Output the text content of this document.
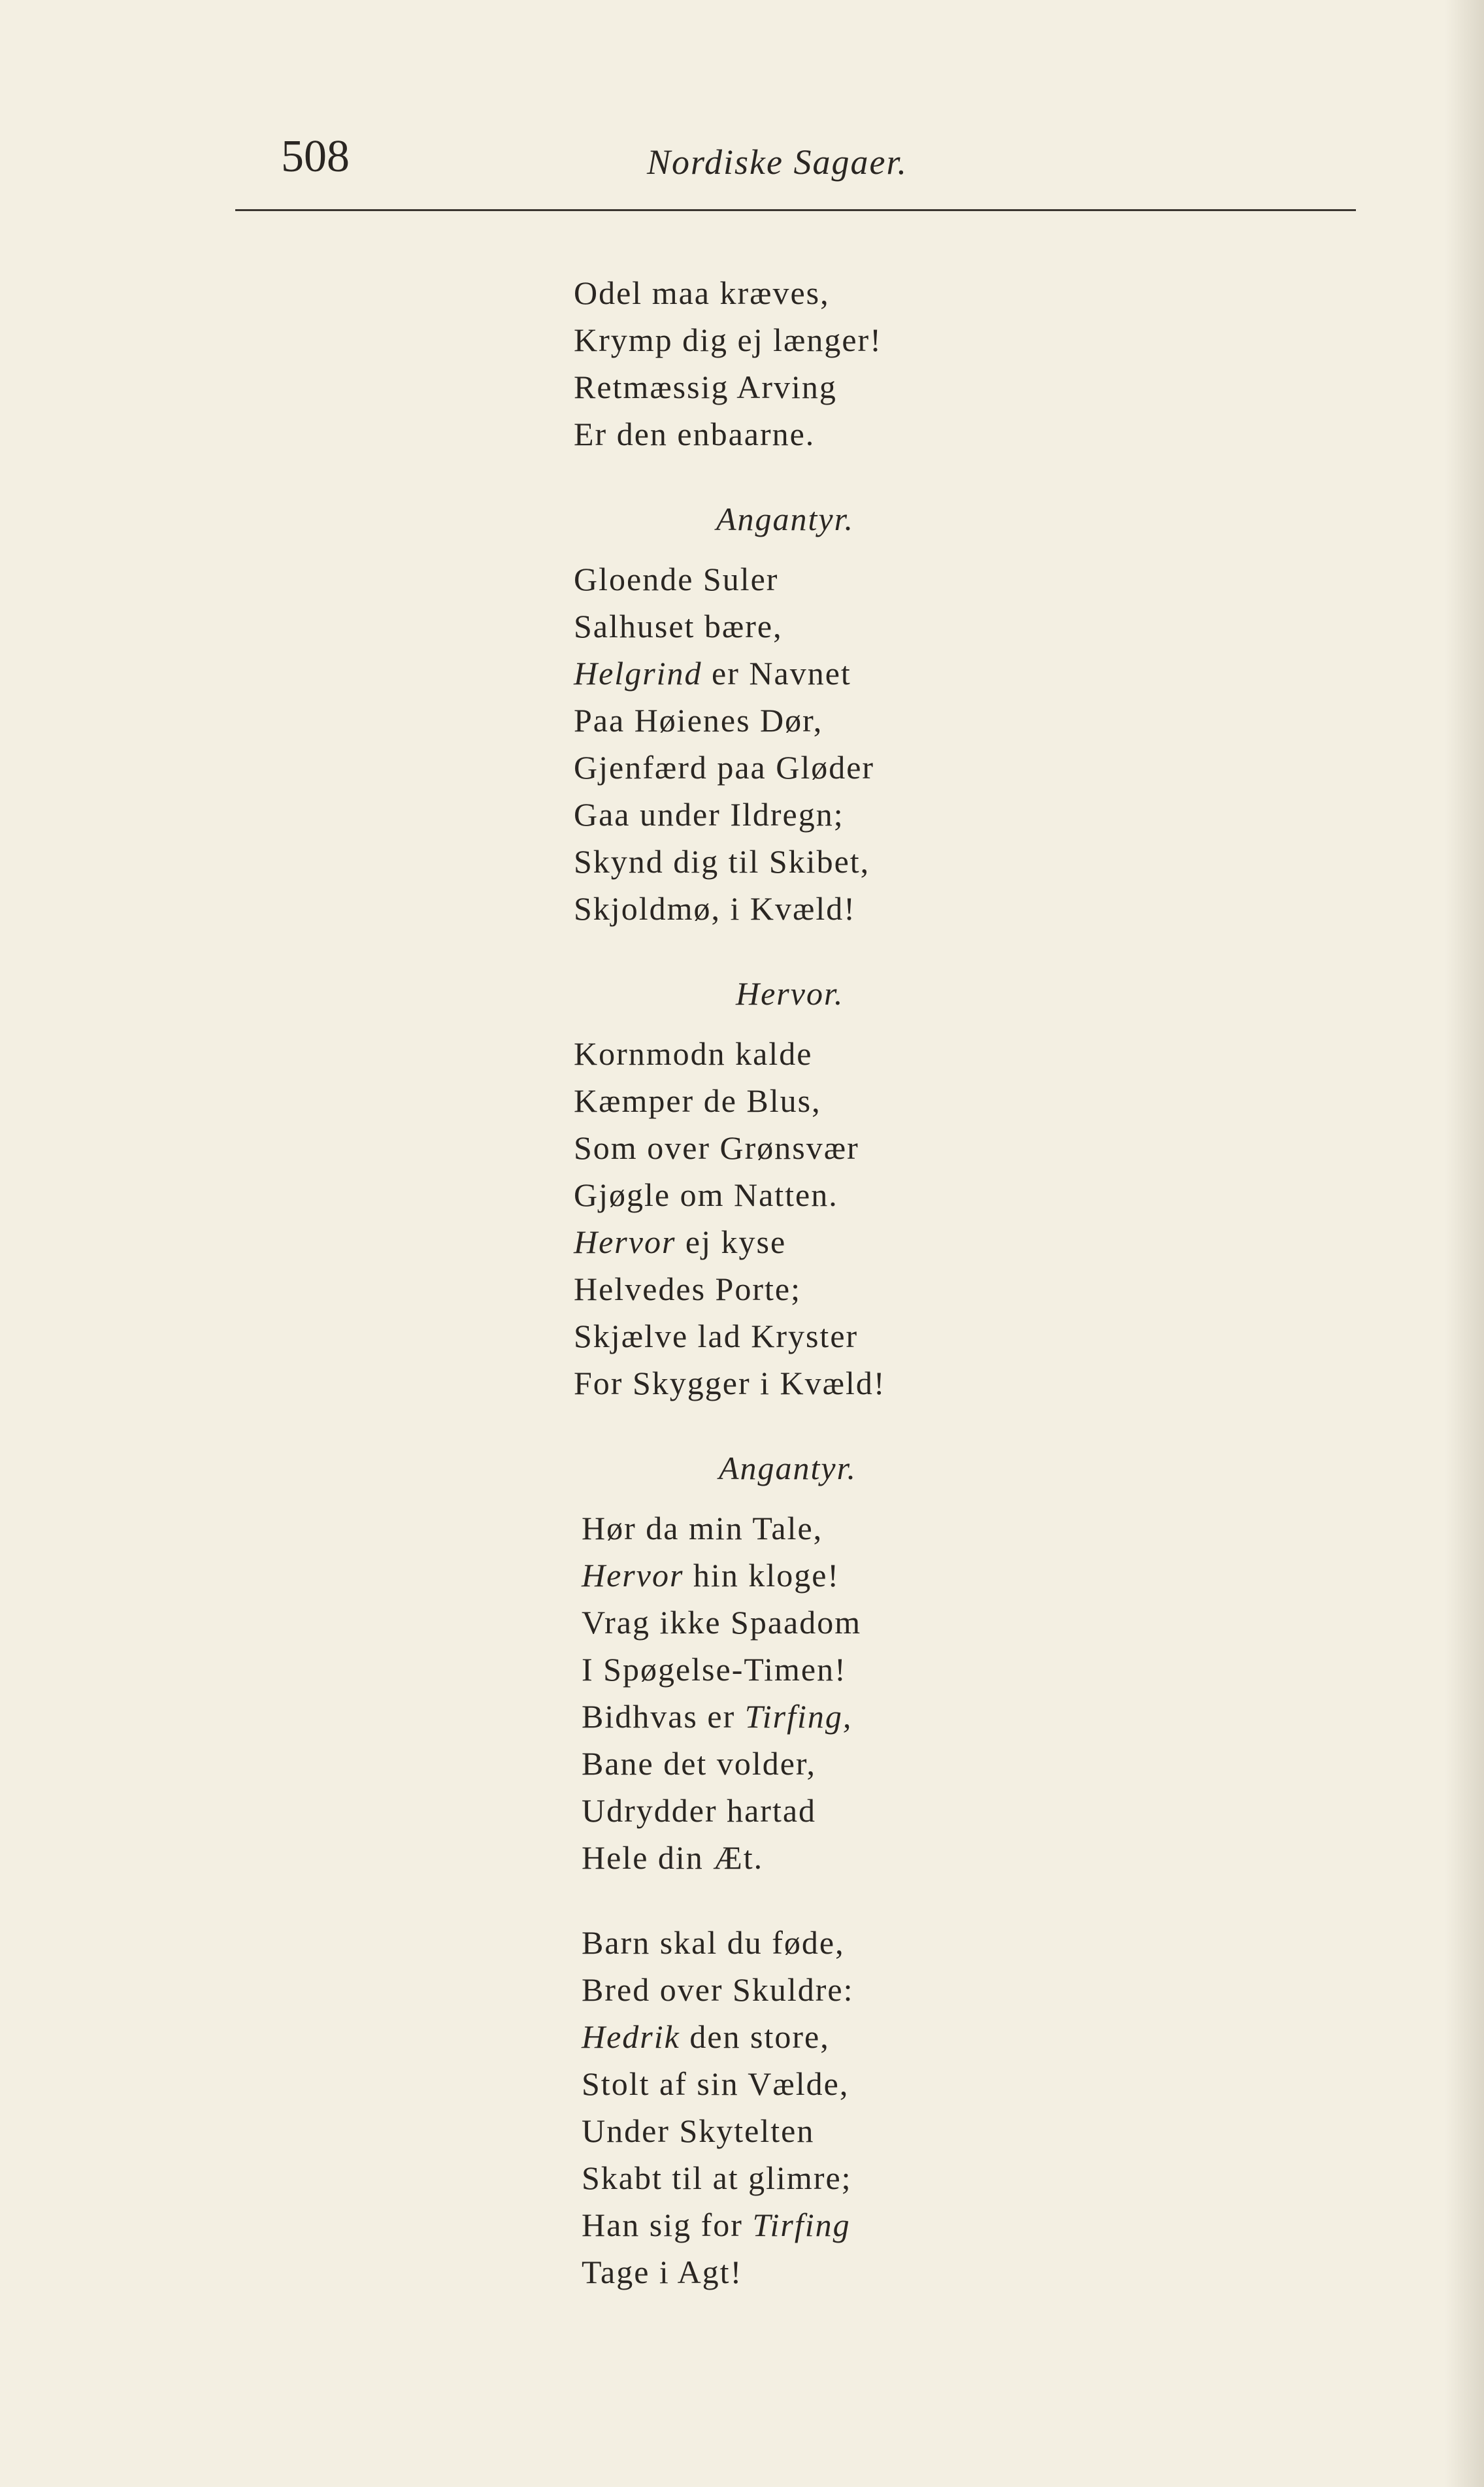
508	Nordiske Sagaer.
Odel maa kræves,
Krymp dig ej længer!
Retmæssig Arving
Er den enbaarne.
Angantyr.
Gloende Suler
Salhuset bære,
Helgrind er Navnet
Paa Høienes Dør,
Gjenfærd paa Gløder
Gaa under Ildregn;
Skynd dig til Skibet,
Skjoldmø, i Kvæld!
Hervor.
Kornmodn kalde
Kæmper de Blus,
Som over Grønsvær
Gjøgle om Natten.
Hervor ej kyse
Helvedes Porte;
Skjælve lad Kryster
For Skygger i Kvæld!
Angantyr.
Hør da min Tale,
Hervor hin kloge!
Vrag ikke Spaadom
I Spøgelse-Timen!
Bidhvas er Tirfing,
Bane det volder,
Udrydder hartad
Hele din Æt.
Barn skal du føde,
Bred over Skuldre:
Hedrik den store,
Stolt af sin Vælde,
Under Skytelten
Skabt til at glimre;
Han sig for Tirfing
Tage i Agt!
